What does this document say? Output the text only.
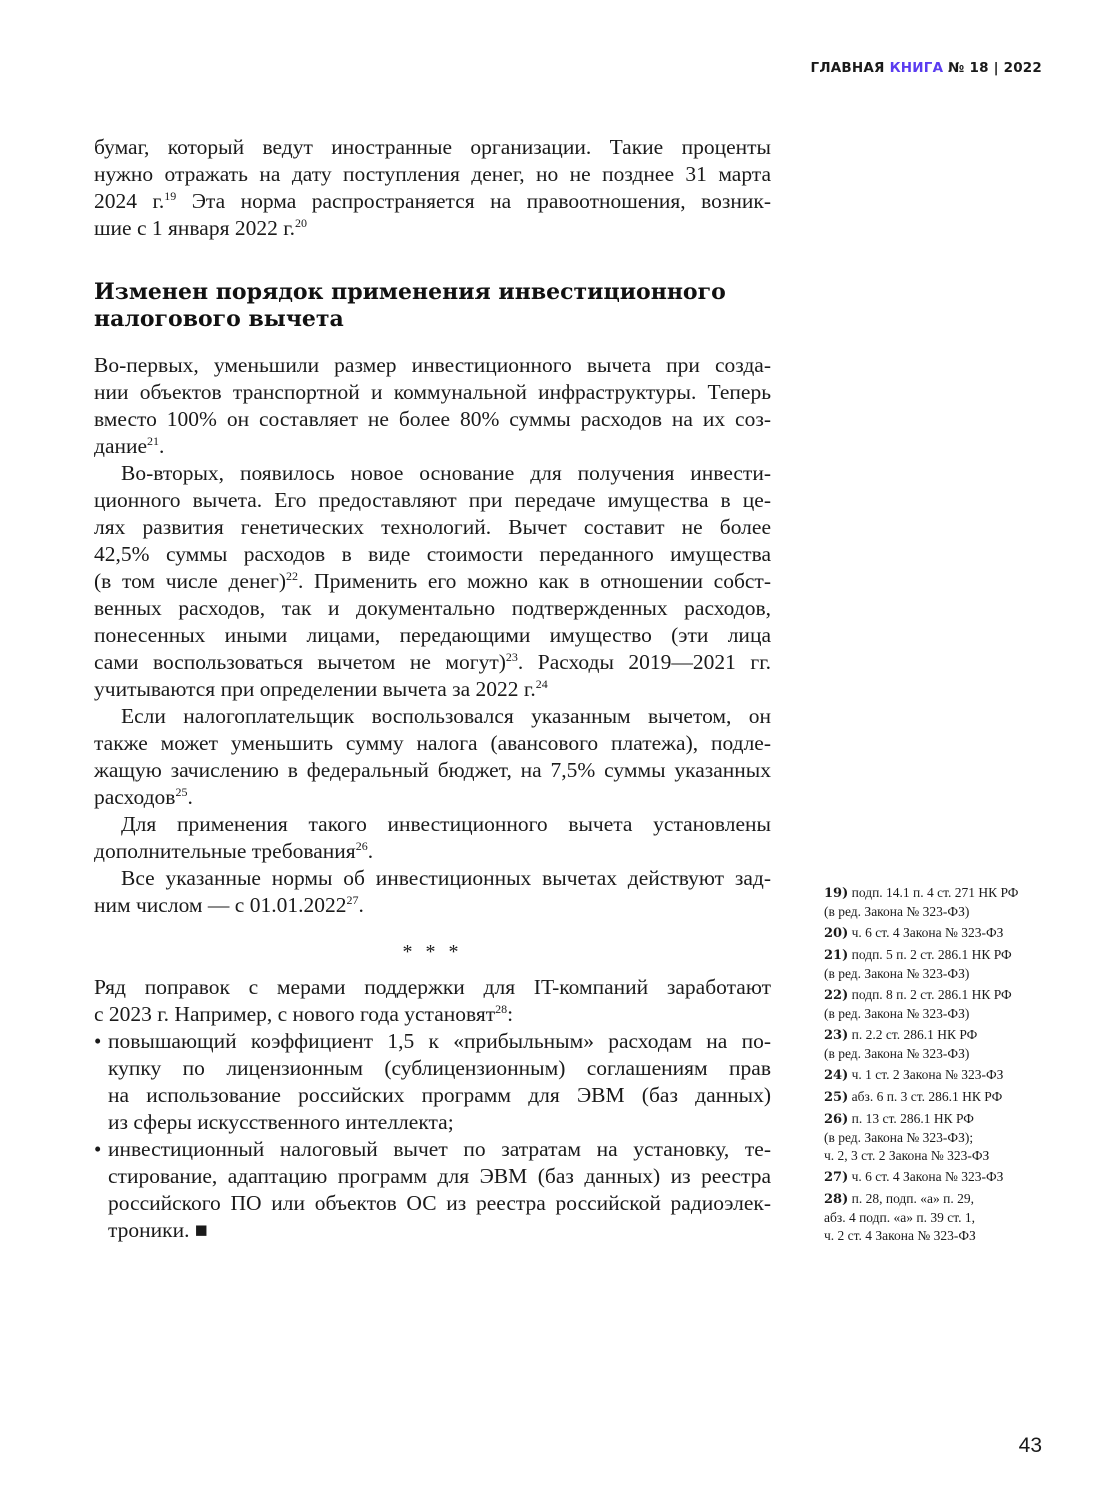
ГЛАВНАЯ КНИГА № 18 | 2022
бумаг, который ведут иностранные организации. Такие проценты
нужно отражать на дату поступления денег, но не позднее 31 марта
2024 г.$^{19}$ Эта норма распространяется на правоотношения, возник-
шие с 1 января 2022 г.$^{20}$
Изменен порядок применения инвестиционного
налогового вычета
Во-первых, уменьшили размер инвестиционного вычета при созда-
нии объектов транспортной и коммунальной инфраструктуры. Теперь
вместо 100% он составляет не более 80% суммы расходов на их соз-
дание$^{21}$.
Во-вторых, появилось новое основание для получения инвести-
ционного вычета. Его предоставляют при передаче имущества в це-
лях развития генетических технологий. Вычет составит не более
42,5% суммы расходов в виде стоимости переданного имущества
(в том числе денег)$^{22}$. Применить его можно как в отношении собст-
венных расходов, так и документально подтвержденных расходов,
понесенных иными лицами, передающими имущество (эти лица
сами воспользоваться вычетом не могут)$^{23}$. Расходы 2019—2021 гг.
учитываются при определении вычета за 2022 г.$^{24}$
Если налогоплательщик воспользовался указанным вычетом, он
также может уменьшить сумму налога (авансового платежа), подле-
жащую зачислению в федеральный бюджет, на 7,5% суммы указанных
расходов$^{25}$.
Для применения такого инвестиционного вычета установлены
дополнительные требования$^{26}$.
Все указанные нормы об инвестиционных вычетах действуют зад-
ним числом — с 01.01.2022$^{27}$.
* * *
Ряд поправок с мерами поддержки для IT-компаний заработают
с 2023 г. Например, с нового года установят$^{28}$:
• повышающий коэффициент 1,5 к «прибыльным» расходам на по-
купку по лицензионным (сублицензионным) соглашениям прав
на использование российских программ для ЭВМ (баз данных)
из сферы искусственного интеллекта;
• инвестиционный налоговый вычет по затратам на установку, те-
стирование, адаптацию программ для ЭВМ (баз данных) из реестра
российского ПО или объектов ОС из реестра российской радиоэлек-
троники. ■
19) подп. 14.1 п. 4 ст. 271 НК РФ
(в ред. Закона № 323-ФЗ)
20) ч. 6 ст. 4 Закона № 323-ФЗ
21) подп. 5 п. 2 ст. 286.1 НК РФ
(в ред. Закона № 323-ФЗ)
22) подп. 8 п. 2 ст. 286.1 НК РФ
(в ред. Закона № 323-ФЗ)
23) п. 2.2 ст. 286.1 НК РФ
(в ред. Закона № 323-ФЗ)
24) ч. 1 ст. 2 Закона № 323-ФЗ
25) абз. 6 п. 3 ст. 286.1 НК РФ
26) п. 13 ст. 286.1 НК РФ
(в ред. Закона № 323-ФЗ);
ч. 2, 3 ст. 2 Закона № 323-ФЗ
27) ч. 6 ст. 4 Закона № 323-ФЗ
28) п. 28, подп. «а» п. 29,
абз. 4 подп. «а» п. 39 ст. 1,
ч. 2 ст. 4 Закона № 323-ФЗ
43
